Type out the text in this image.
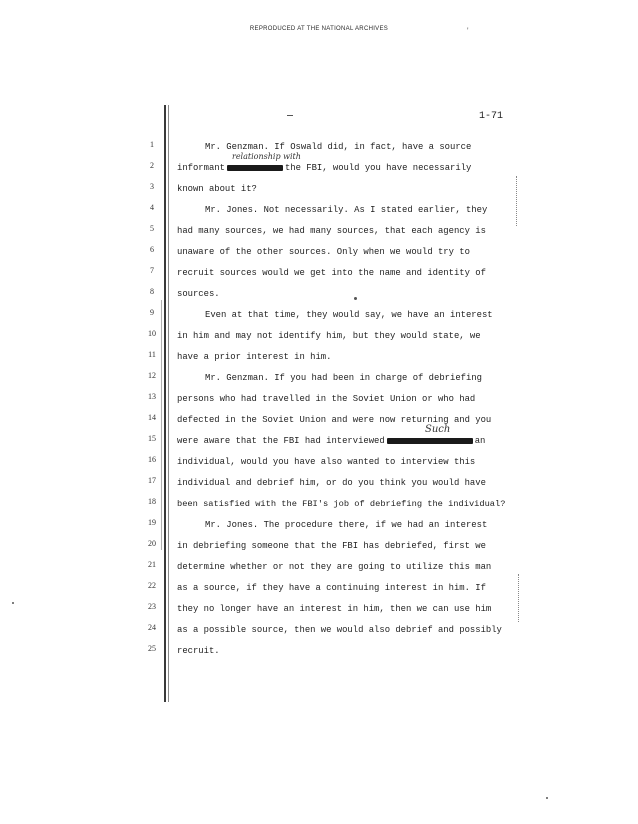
REPRODUCED AT THE NATIONAL ARCHIVES	'
1-71
1
2
3
4
5
6
7
8
9
10
11
12
13
14
15
16
17
18
19
20
21
22
23
24
25
relationship with
Such
Mr. Genzman. If Oswald did, in fact, have a source
informant	the FBI, would you have necessarily
known about it?
Mr. Jones. Not necessarily. As I stated earlier, they
had many sources, we had many sources, that each agency is
unaware of the other sources. Only when we would try to
recruit sources would we get into the name and identity of
sources.
Even at that time, they would say, we have an interest
in him and may not identify him, but they would state, we
have a prior interest in him.
Mr. Genzman. If you had been in charge of debriefing
persons who had travelled in the Soviet Union or who had
defected in the Soviet Union and were now returning and you
were aware that the FBI had interviewed	an
individual, would you have also wanted to interview this
individual and debrief him, or do you think you would have
been satisfied with the FBI's job of debriefing the individual?
Mr. Jones. The procedure there, if we had an interest
in debriefing someone that the FBI has debriefed, first we
determine whether or not they are going to utilize this man
as a source, if they have a continuing interest in him. If
they no longer have an interest in him, then we can use him
as a possible source, then we would also debrief and possibly
recruit.
